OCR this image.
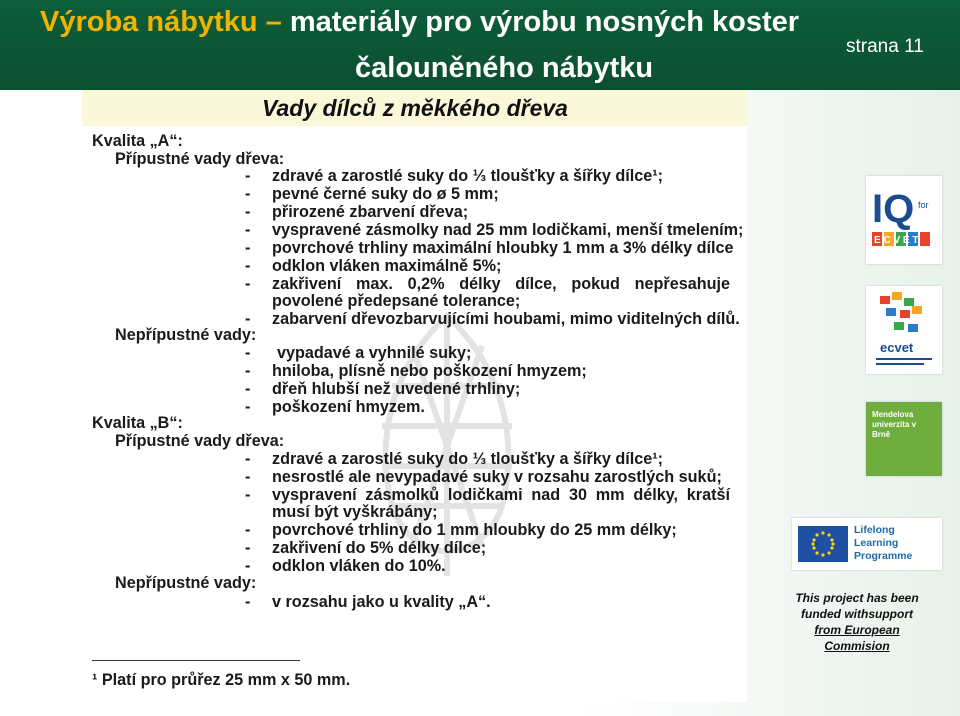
Výroba nábytku – materiály pro výrobu nosných koster
čalouněného nábytku
strana 11
Vady dílců z měkkého dřeva
Kvalita „A“:
Přípustné vady dřeva:
- zdravé a zarostlé suky do ⅓ tloušťky a šířky dílce¹;
- pevné černé suky do ø 5 mm;
- přirozené zbarvení dřeva;
- vyspravené zásmolky nad 25 mm lodičkami, menší tmelením;
- povrchové trhliny maximální hloubky 1 mm a 3% délky dílce
- odklon vláken maximálně 5%;
- zakřivení max. 0,2% délky dílce, pokud nepřesahuje
povolené předepsané tolerance;
- zabarvení dřevozbarvujícími houbami, mimo viditelných dílů.
Nepřípustné vady:
- vypadavé a vyhnilé suky;
- hniloba, plísně nebo poškození hmyzem;
- dřeň hlubší než uvedené trhliny;
- poškození hmyzem.
Kvalita „B“:
Přípustné vady dřeva:
- zdravé a zarostlé suky do ⅓ tloušťky a šířky dílce¹;
- nesrostlé ale nevypadavé suky v rozsahu zarostlých suků;
- vyspravení zásmolků lodičkami nad 30 mm délky, kratší
musí být vyškrábány;
- povrchové trhliny do 1 mm hloubky do 25 mm délky;
- zakřivení do 5% délky dílce;
- odklon vláken do 10%.
Nepřípustné vady:
- v rozsahu jako u kvality „A“.
¹ Platí pro průřez 25 mm x 50 mm.
IQ for
E C V E T
ecvet
Mendelova univerzita v Brně
Lifelong Learning Programme
This project has been
funded withsupport
from European
Commision
